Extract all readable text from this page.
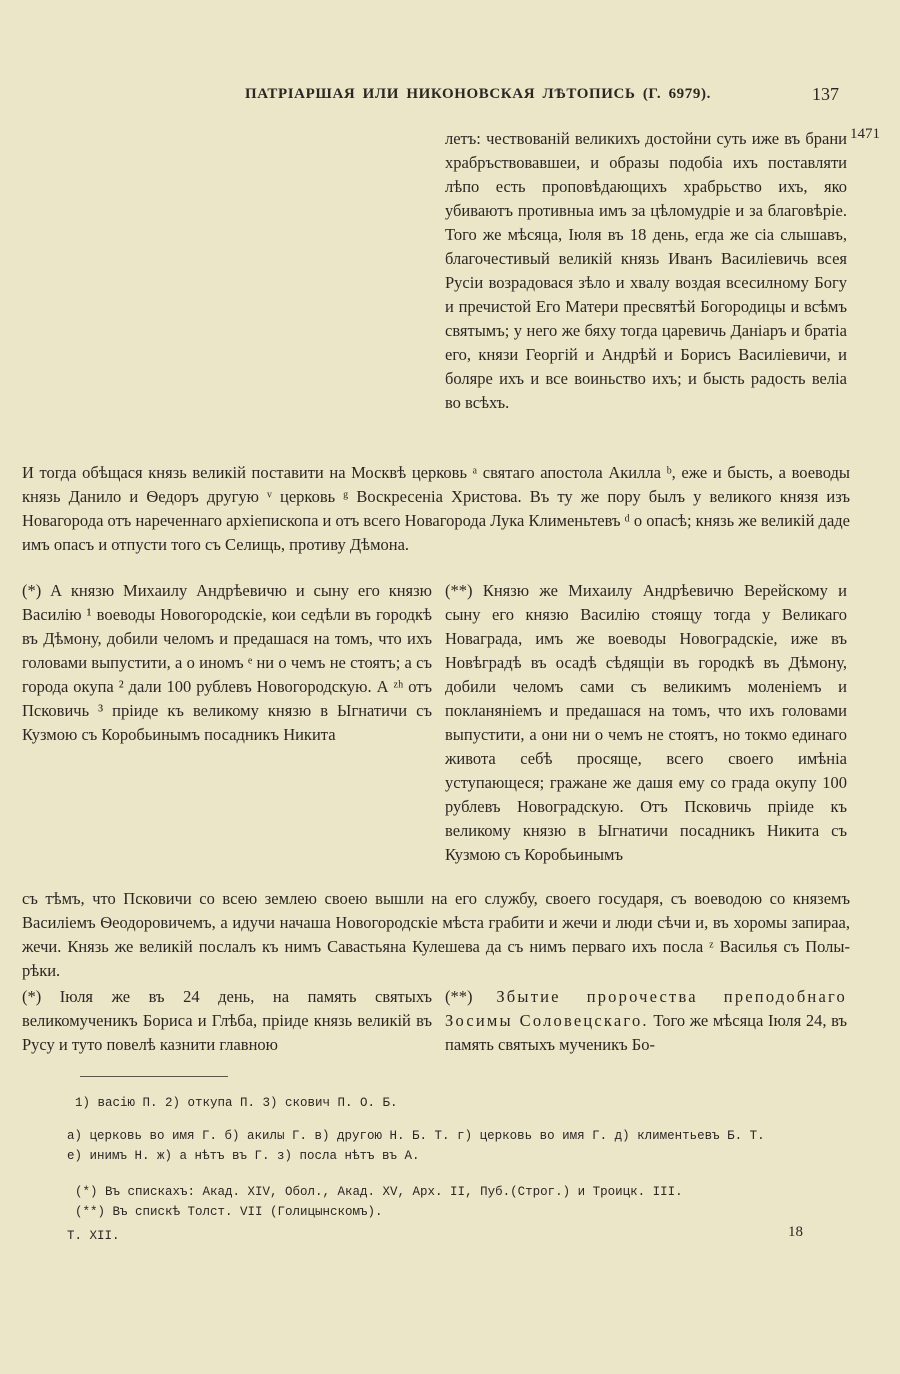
ПАТРІАРШАЯ ИЛИ НИКОНОВСКАЯ ЛѢТОПИСЬ (Г. 6979).	137
1471

летъ: чествованій великихъ достойни суть иже въ брани храбръствовавшеи, и образы подобіа ихъ поставляти лѣпо есть проповѣдающихъ храбрьство ихъ, яко убиваютъ противныа имъ за цѣломудріе и за благовѣріе. Того же мѣсяца, Іюля въ 18 день, егда же сіа слышавъ, благочестивый великій князь Иванъ Василіевичь всея Русіи возрадовася зѣло и хвалу воздая всесилному Богу и пречистой Его Матери пресвятѣй Богородицы и всѣмъ святымъ; у него же бяху тогда царевичь Даніаръ и братіа его, князи Георгій и Андрѣй и Борисъ Василіевичи, и боляре ихъ и все воиньство ихъ; и бысть радость веліа во всѣхъ.

И тогда обѣщася князь великій поставити на Москвѣ церковь ᵃ святаго апостола Акилла ᵇ, еже и бысть, а воеводы князь Данило и Ѳедоръ другую ᵛ церковь ᵍ Воскресеніа Христова. Въ ту же пору былъ у великого князя изъ Новагорода отъ нареченнаго архіепископа и отъ всего Новагорода Лука Клименьтевъ ᵈ о опасѣ; князь же великій даде имъ опасъ и отпусти того съ Селищь, противу Дѣмона.

(*) А князю Михаилу Андрѣевичю и сыну его князю Василію ¹ воеводы Новогородскіе, кои седѣли въ городкѣ въ Дѣмону, добили челомъ и предашася на томъ, что ихъ головами выпустити, а о иномъ ᵉ ни о чемъ не стоятъ; а съ города окупа ² дали 100 рублевъ Новогородскую. А ᶻʰ отъ Псковичь ³ пріиде къ великому князю в Ыгнатичи съ Кузмою съ Коробьинымъ посадникъ Никита

(**) Князю же Михаилу Андрѣевичю Верейскому и сыну его князю Василію стоящу тогда у Великаго Новаграда, имъ же воеводы Новоградскіе, иже въ Новѣградѣ въ осадѣ сѣдящіи въ городкѣ въ Дѣмону, добили челомъ сами съ великимъ моленіемъ и покланяніемъ и предашася на томъ, что ихъ головами выпустити, а они ни о чемъ не стоятъ, но токмо единаго живота себѣ просяще, всего своего имѣніа уступающеся; гражане же дашя ему со града окупу 100 рублевъ Новоградскую. Отъ Псковичь пріиде къ великому князю в Ыгнатичи посадникъ Никита съ Кузмою съ Коробьинымъ

съ тѣмъ, что Псковичи со всею землею своею вышли на его службу, своего государя, съ воеводою со княземъ Василіемъ Ѳеодоровичемъ, а идучи начаша Новогородскіе мѣста грабити и жечи и люди сѣчи и, въ хоромы запираа, жечи. Князь же великій послалъ къ нимъ Савастьяна Кулешева да съ нимъ перваго ихъ посла ᶻ Василья съ Полы-рѣки.

(*) Іюля же въ 24 день, на память святыхъ великомученикъ Бориса и Глѣба, пріиде князь великій въ Русу и туто повелѣ казнити главною

(**) Збытие пророчества преподобнаго Зосимы Соловецскаго. Того же мѣсяца Іюля 24, въ память святыхъ мученикъ Бо-

1) васію П. 2) откупа П. 3) скович П. О. Б.
а) церковь во имя Г. б) акилы Г. в) другою Н. Б. Т. г) церковь во имя Г. д) климентьевъ Б. Т.
е) инимъ Н. ж) а нѣтъ въ Г. з) посла нѣтъ въ А.
(*) Въ спискахъ: Акад. XIV, Обол., Акад. XV, Арх. II, Пуб.(Строг.) и Троицк. III.
(**) Въ спискѣ Толст. VII (Голицынскомъ).
Т. XII.	18
